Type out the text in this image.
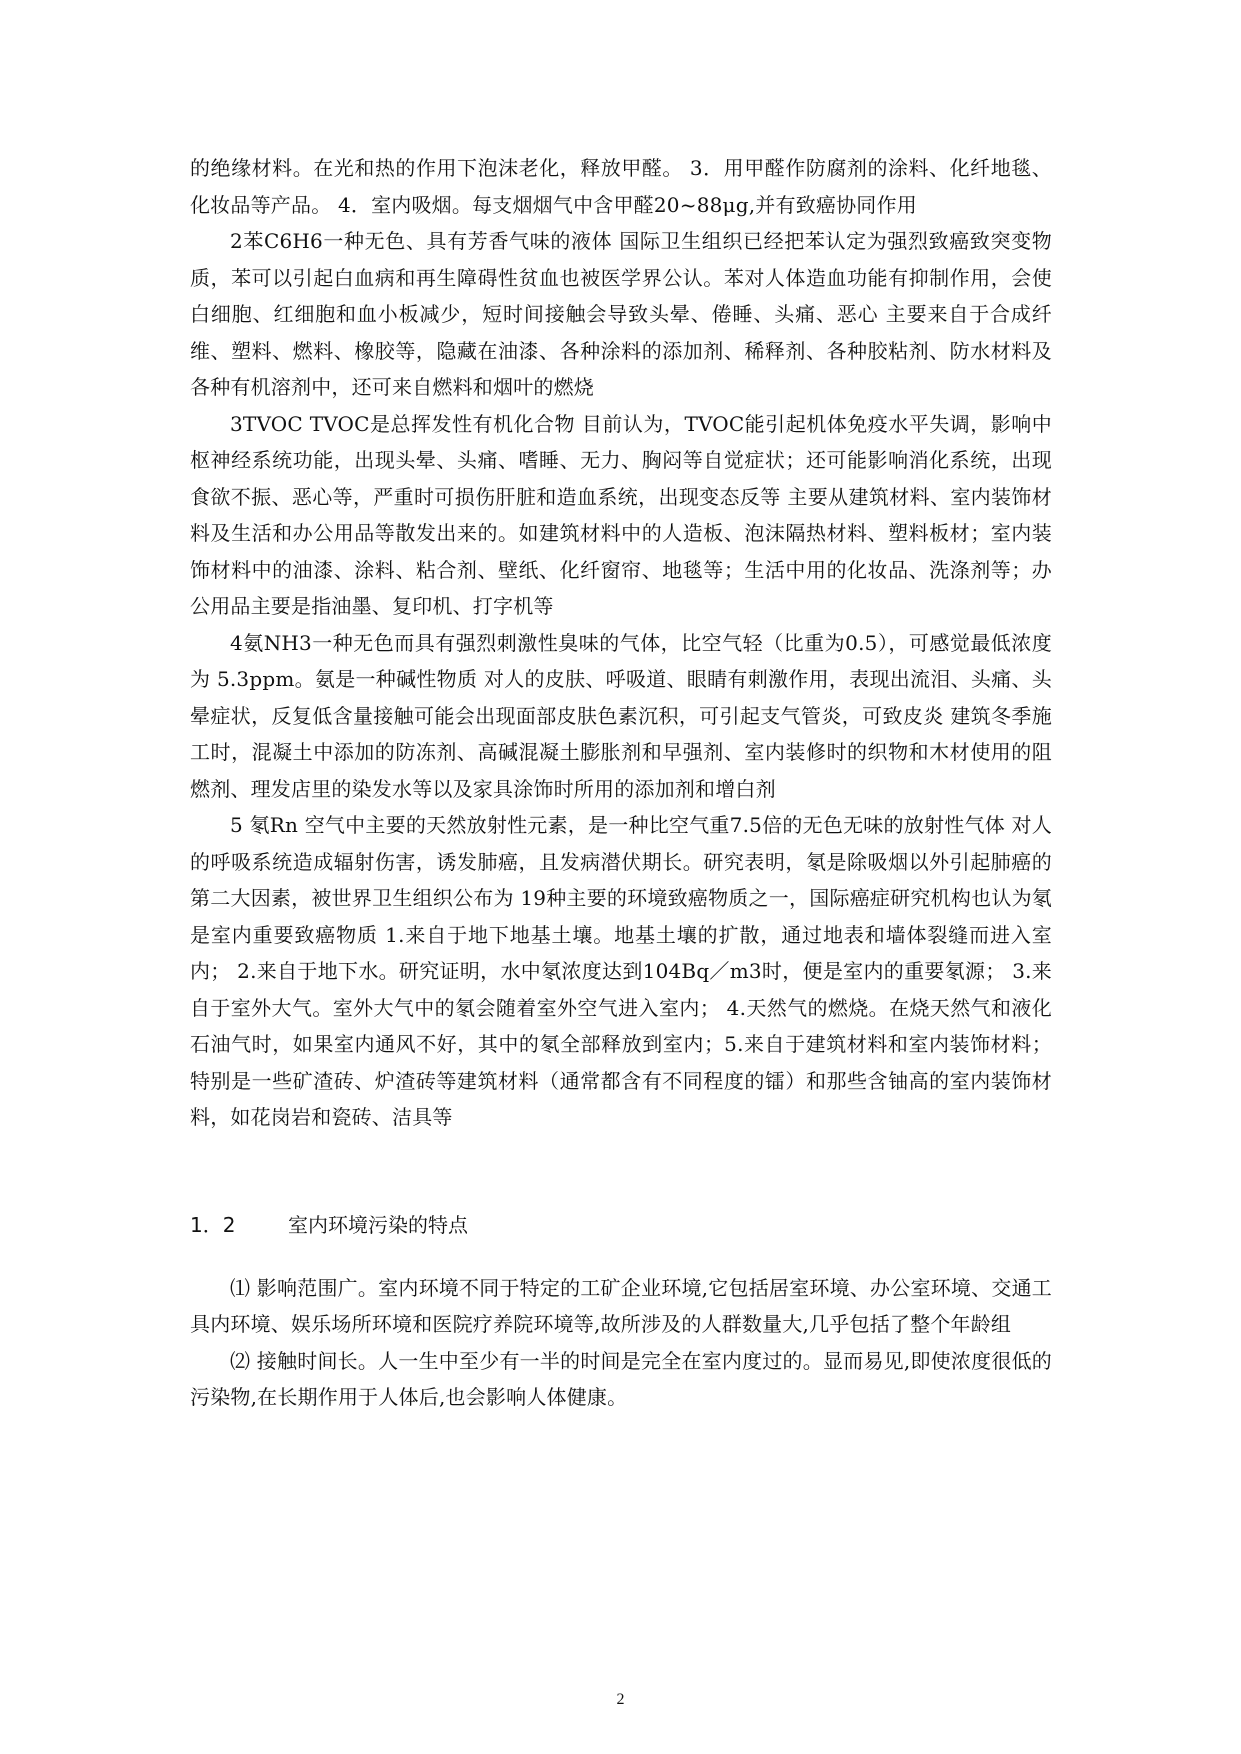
的绝缘材料。在光和热的作用下泡沫老化，释放甲醛。 3．用甲醛作防腐剂的涂料、化纤地毯、化妆品等产品。 4．室内吸烟。每支烟烟气中含甲醛20~88μg,并有致癌协同作用

2苯C6H6一种无色、具有芳香气味的液体 国际卫生组织已经把苯认定为强烈致癌致突变物质，苯可以引起白血病和再生障碍性贫血也被医学界公认。苯对人体造血功能有抑制作用，会使白细胞、红细胞和血小板减少，短时间接触会导致头晕、倦睡、头痛、恶心 主要来自于合成纤维、塑料、燃料、橡胶等，隐藏在油漆、各种涂料的添加剂、稀释剂、各种胶粘剂、防水材料及各种有机溶剂中，还可来自燃料和烟叶的燃烧

3TVOC TVOC是总挥发性有机化合物 目前认为，TVOC能引起机体免疫水平失调，影响中枢神经系统功能，出现头晕、头痛、嗜睡、无力、胸闷等自觉症状；还可能影响消化系统，出现食欲不振、恶心等，严重时可损伤肝脏和造血系统，出现变态反等 主要从建筑材料、室内装饰材料及生活和办公用品等散发出来的。如建筑材料中的人造板、泡沫隔热材料、塑料板材；室内装饰材料中的油漆、涂料、粘合剂、壁纸、化纤窗帘、地毯等；生活中用的化妆品、洗涤剂等；办公用品主要是指油墨、复印机、打字机等

4氨NH3一种无色而具有强烈刺激性臭味的气体，比空气轻（比重为0.5），可感觉最低浓度为 5.3ppm。氨是一种碱性物质 对人的皮肤、呼吸道、眼睛有刺激作用，表现出流泪、头痛、头晕症状，反复低含量接触可能会出现面部皮肤色素沉积，可引起支气管炎，可致皮炎 建筑冬季施工时，混凝土中添加的防冻剂、高碱混凝土膨胀剂和早强剂、室内装修时的织物和木材使用的阻燃剂、理发店里的染发水等以及家具涂饰时所用的添加剂和增白剂

5 氡Rn 空气中主要的天然放射性元素，是一种比空气重7.5倍的无色无味的放射性气体 对人的呼吸系统造成辐射伤害，诱发肺癌，且发病潜伏期长。研究表明，氡是除吸烟以外引起肺癌的第二大因素，被世界卫生组织公布为 19种主要的环境致癌物质之一，国际癌症研究机构也认为氡是室内重要致癌物质 1.来自于地下地基土壤。地基土壤的扩散，通过地表和墙体裂缝而进入室内； 2.来自于地下水。研究证明，水中氡浓度达到104Bq／m3时，便是室内的重要氡源； 3.来自于室外大气。室外大气中的氡会随着室外空气进入室内； 4.天然气的燃烧。在烧天然气和液化石油气时，如果室内通风不好，其中的氡全部释放到室内；5.来自于建筑材料和室内装饰材料；特别是一些矿渣砖、炉渣砖等建筑材料（通常都含有不同程度的镭）和那些含铀高的室内装饰材料，如花岗岩和瓷砖、洁具等

1．2	室内环境污染的特点

⑴ 影响范围广。室内环境不同于特定的工矿企业环境,它包括居室环境、办公室环境、交通工具内环境、娱乐场所环境和医院疗养院环境等,故所涉及的人群数量大,几乎包括了整个年龄组

⑵ 接触时间长。人一生中至少有一半的时间是完全在室内度过的。显而易见,即使浓度很低的污染物,在长期作用于人体后,也会影响人体健康。

2
